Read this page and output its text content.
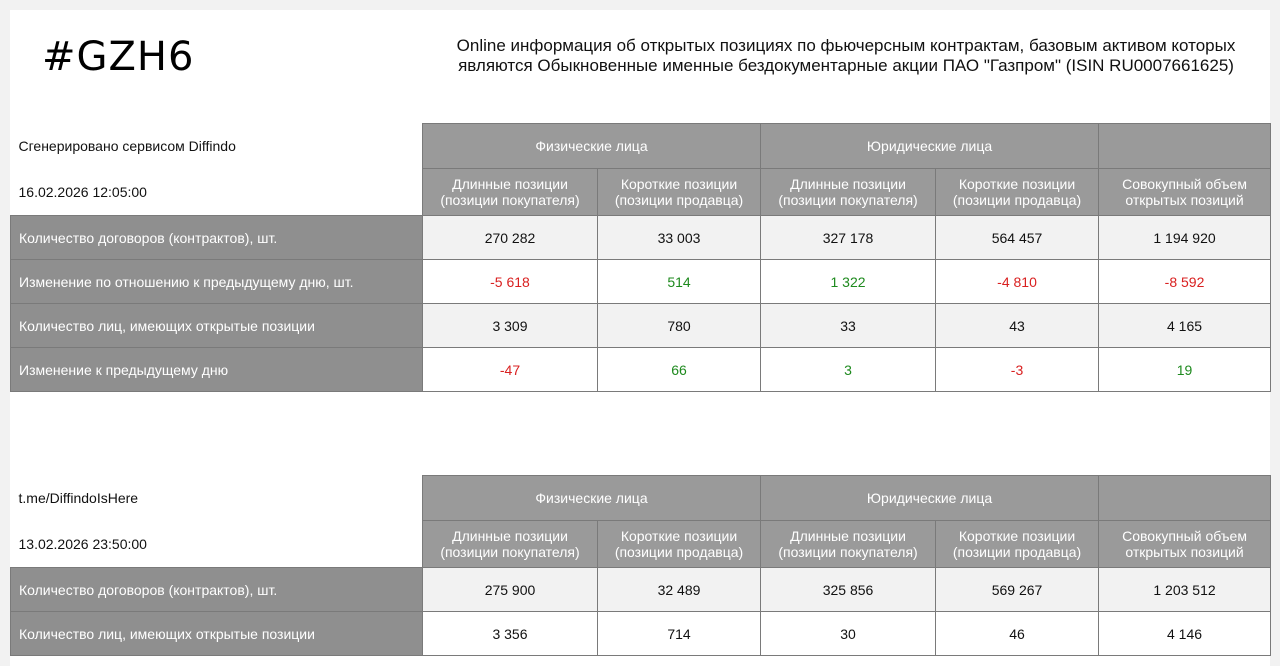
#GZH6	Online информация об открытых позициях по фьючерсным контрактам, базовым активом которых являются Обыкновенные именные бездокументарные акции ПАО "Газпром" (ISIN RU0007661625)
Сгенерировано сервисом Diffindo	Физические лица		Юридические лица		
16.02.2026 12:05:00	Длинные позиции (позиции покупателя)	Короткие позиции (позиции продавца)	Длинные позиции (позиции покупателя)	Короткие позиции (позиции продавца)	Совокупный объем открытых позиций
Количество договоров (контрактов), шт.	270 282	33 003	327 178	564 457	1 194 920
Изменение по отношению к предыдущему дню, шт.	-5 618	514	1 322	-4 810	-8 592
Количество лиц, имеющих открытые позиции	3 309	780	33	43	4 165
Изменение к предыдущему дню	-47	66	3	-3	19
t.me/DiffindoIsHere	Физические лица		Юридические лица		
13.02.2026 23:50:00	Длинные позиции (позиции покупателя)	Короткие позиции (позиции продавца)	Длинные позиции (позиции покупателя)	Короткие позиции (позиции продавца)	Совокупный объем открытых позиций
Количество договоров (контрактов), шт.	275 900	32 489	325 856	569 267	1 203 512
Количество лиц, имеющих открытые позиции	3 356	714	30	46	4 146
